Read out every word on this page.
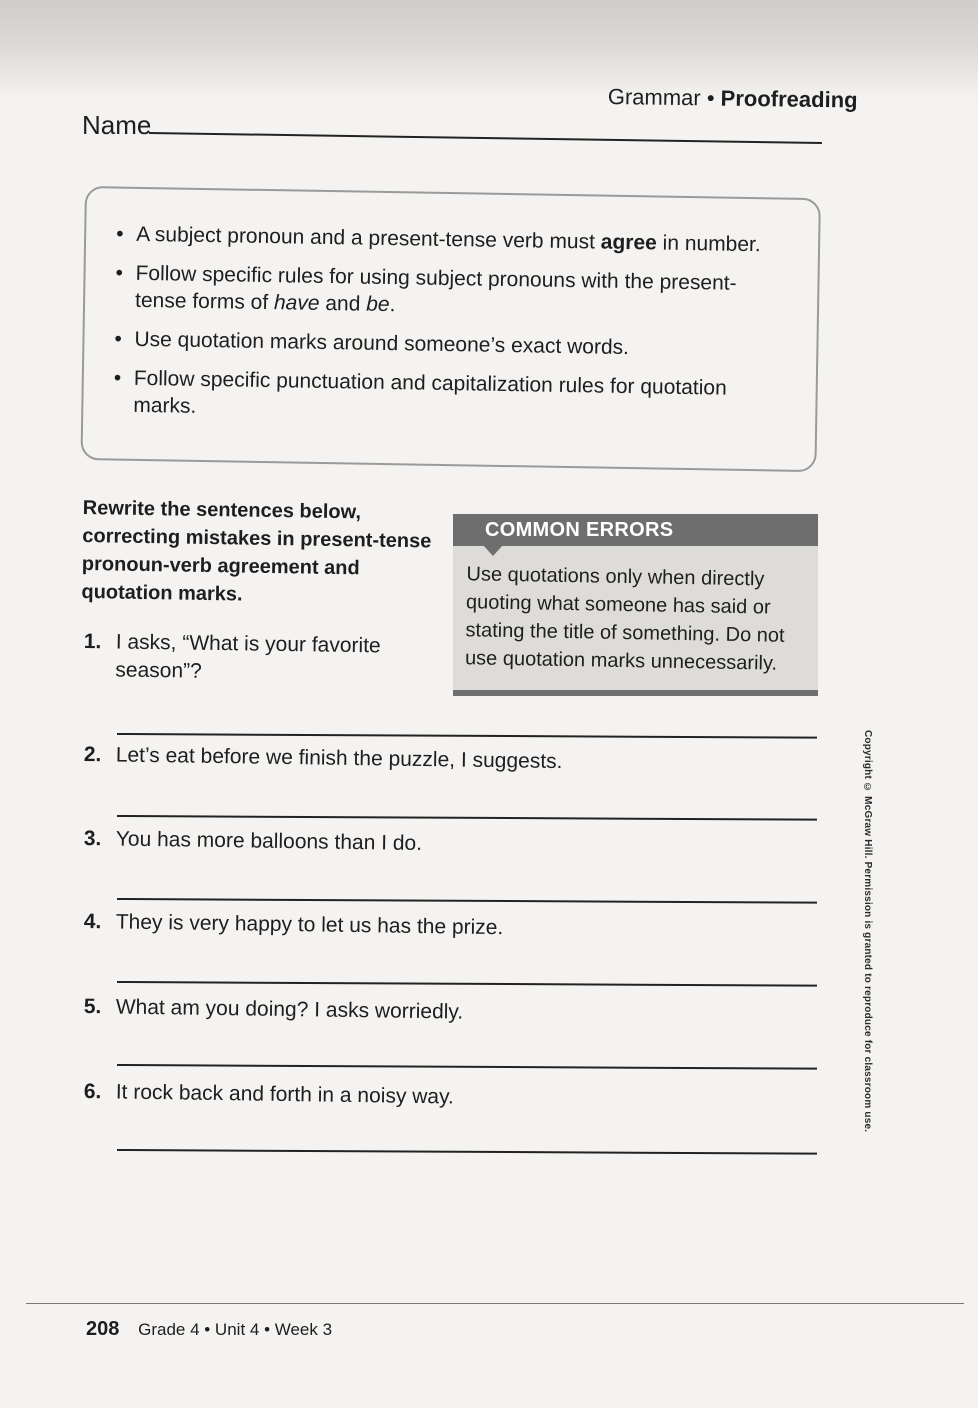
Grammar • Proofreading
Name
• A subject pronoun and a present-tense verb must agree in number.
• Follow specific rules for using subject pronouns with the present-tense forms of have and be.
• Use quotation marks around someone’s exact words.
• Follow specific punctuation and capitalization rules for quotation marks.
Rewrite the sentences below, correcting mistakes in present-tense pronoun-verb agreement and quotation marks.
COMMON ERRORS
Use quotations only when directly quoting what someone has said or stating the title of something. Do not use quotation marks unnecessarily.
1. I asks, “What is your favorite season”?
2. Let’s eat before we finish the puzzle, I suggests.
3. You has more balloons than I do.
4. They is very happy to let us has the prize.
5. What am you doing? I asks worriedly.
6. It rock back and forth in a noisy way.	Copyright © McGraw Hill. Permission is granted to reproduce for classroom use.
208 Grade 4 • Unit 4 • Week 3
